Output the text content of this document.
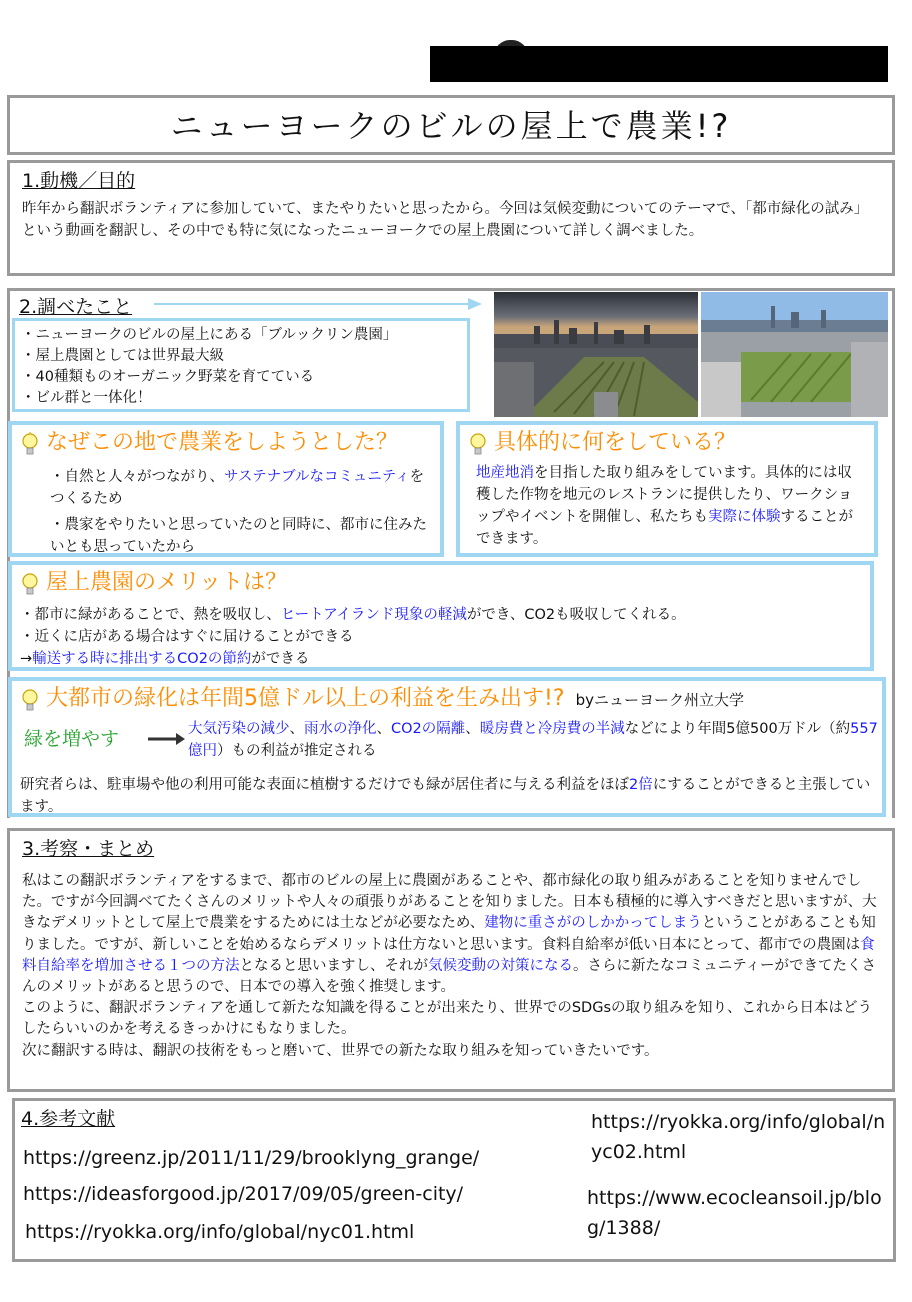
ニューヨークのビルの屋上で農業!?
1.動機／目的
昨年から翻訳ボランティアに参加していて、またやりたいと思ったから。今回は気候変動についてのテーマで、「都市緑化の試み」という動画を翻訳し、その中でも特に気になったニューヨークでの屋上農園について詳しく調べました。
2.調べたこと
・ニューヨークのビルの屋上にある「ブルックリン農園」
・屋上農園としては世界最大級
・40種類ものオーガニック野菜を育てている
・ビル群と一体化！
なぜこの地で農業をしようとした？
・自然と人々がつながり、サステナブルなコミュニティをつくるため
・農家をやりたいと思っていたのと同時に、都市に住みたいとも思っていたから
具体的に何をしている？
地産地消を目指した取り組みをしています。具体的には収穫した作物を地元のレストランに提供したり、ワークショップやイベントを開催し、私たちも実際に体験することができます。
屋上農園のメリットは？
・都市に緑があることで、熱を吸収し、ヒートアイランド現象の軽減ができ、CO2も吸収してくれる。
・近くに店がある場合はすぐに届けることができる
→輸送する時に排出するCO2の節約ができる
大都市の緑化は年間5億ドル以上の利益を生み出す!? byニューヨーク州立大学
緑を増やす	大気汚染の減少、雨水の浄化、CO2の隔離、暖房費と冷房費の半減などにより年間5億500万ドル（約557億円）もの利益が推定される
研究者らは、駐車場や他の利用可能な表面に植樹するだけでも緑が居住者に与える利益をほぼ2倍にすることができると主張しています。
3.考察・まとめ
私はこの翻訳ボランティアをするまで、都市のビルの屋上に農園があることや、都市緑化の取り組みがあることを知りませんでした。ですが今回調べてたくさんのメリットや人々の頑張りがあることを知りました。日本も積極的に導入すべきだと思いますが、大きなデメリットとして屋上で農業をするためには土などが必要なため、建物に重さがのしかかってしまうということがあることも知りました。ですが、新しいことを始めるならデメリットは仕方ないと思います。食料自給率が低い日本にとって、都市での農園は食料自給率を増加させる１つの方法となると思いますし、それが気候変動の対策になる。さらに新たなコミュニティーができてたくさんのメリットがあると思うので、日本での導入を強く推奨します。
このように、翻訳ボランティアを通して新たな知識を得ることが出来たり、世界でのSDGsの取り組みを知り、これから日本はどうしたらいいのかを考えるきっかけにもなりました。
次に翻訳する時は、翻訳の技術をもっと磨いて、世界での新たな取り組みを知っていきたいです。
4.参考文献
https://greenz.jp/2011/11/29/brooklyng_grange/
https://ideasforgood.jp/2017/09/05/green-city/
https://ryokka.org/info/global/nyc01.html
https://ryokka.org/info/global/nyc02.html
https://www.ecocleansoil.jp/blog/1388/
